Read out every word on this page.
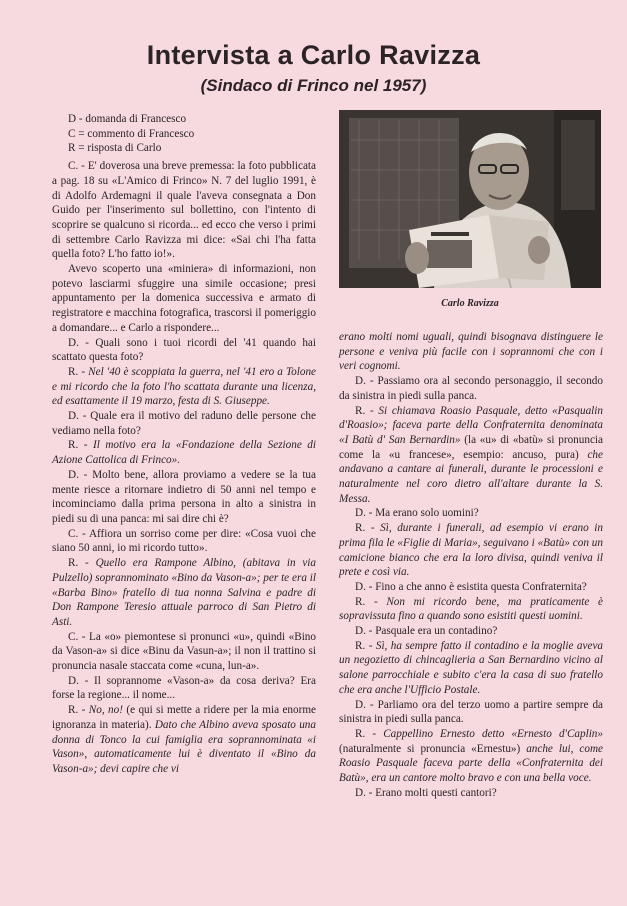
Intervista a Carlo Ravizza
(Sindaco di Frinco nel 1957)
D - domanda di Francesco
C = commento di Francesco
R = risposta di Carlo

C. - E' doverosa una breve premessa: la foto pubblicata a pag. 18 su «L'Amico di Frinco» N. 7 del luglio 1991, è di Adolfo Ardemagni il quale l'aveva consegnata a Don Guido per l'inserimento sul bollettino, con l'intento di scoprire se qualcuno si ricorda... ed ecco che verso i primi di settembre Carlo Ravizza mi dice: «Sai chi l'ha fatta quella foto? L'ho fatto io!».

Avevo scoperto una «miniera» di informazioni, non potevo lasciarmi sfuggire una simile occasione; presi appuntamento per la domenica successiva e armato di registratore e macchina fotografica, trascorsi il pomeriggio a domandare... e Carlo a rispondere...

D. - Quali sono i tuoi ricordi del '41 quando hai scattato questa foto?

R. - Nel '40 è scoppiata la guerra, nel '41 ero a Tolone e mi ricordo che la foto l'ho scattata durante una licenza, ed esattamente il 19 marzo, festa di S. Giuseppe.

D. - Quale era il motivo del raduno delle persone che vediamo nella foto?

R. - Il motivo era la «Fondazione della Sezione di Azione Cattolica di Frinco».

D. - Molto bene, allora proviamo a vedere se la tua mente riesce a ritornare indietro di 50 anni nel tempo e incominciamo dalla prima persona in alto a sinistra in piedi su di una panca: mi sai dire chi è?

C. - Affiora un sorriso come per dire: «Cosa vuoi che siano 50 anni, io mi ricordo tutto».

R. - Quello era Rampone Albino, (abitava in via Pulzello) soprannominato «Bino da Vason-a»; per te era il «Barba Bino» fratello di tua nonna Salvina e padre di Don Rampone Teresio attuale parroco di San Pietro di Asti.

C. - La «o» piemontese si pronunci «u», quindi «Bino da Vason-a» si dice «Binu da Vasun-a»; il non il trattino si pronuncia nasale staccata come «cuna, lun-a».

D. - Il soprannome «Vason-a» da cosa deriva? Era forse la regione... il nome...

R. - No, no! (e qui si mette a ridere per la mia enorme ignoranza in materia). Dato che Albino aveva sposato una donna di Tonco la cui famiglia era soprannominata «i Vason», automaticamente lui è diventato il «Bino da Vason-a»; devi capire che vi

Carlo Ravizza

erano molti nomi uguali, quindi bisognava distinguere le persone e veniva più facile con i soprannomi che con i veri cognomi.

D. - Passiamo ora al secondo personaggio, il secondo da sinistra in piedi sulla panca.

R. - Si chiamava Roasio Pasquale, detto «Pasqualin d'Roasio»; faceva parte della Confraternita denominata «I Batù d' San Bernardin» (la «u» di «batù» si pronuncia come la «u francese», esempio: ancuso, pura) che andavano a cantare ai funerali, durante le processioni e naturalmente nel coro dietro all'altare durante la S. Messa.

D. - Ma erano solo uomini?

R. - Sì, durante i funerali, ad esempio vi erano in prima fila le «Figlie di Maria», seguivano i «Batù» con un camicione bianco che era la loro divisa, quindi veniva il prete e così via.

D. - Fino a che anno è esistita questa Confraternita?

R. - Non mi ricordo bene, ma praticamente è sopravissuta fino a quando sono esistiti questi uomini.

D. - Pasquale era un contadino?

R. - Sì, ha sempre fatto il contadino e la moglie aveva un negozietto di chincaglieria a San Bernardino vicino al salone parrocchiale e subito c'era la casa di suo fratello che era anche l'Ufficio Postale.

D. - Parliamo ora del terzo uomo a partire sempre da sinistra in piedi sulla panca.

R. - Cappellino Ernesto detto «Ernesto d'Caplin» (naturalmente si pronuncia «Ernestu») anche lui, come Roasio Pasquale faceva parte della «Confraternita dei Batù», era un cantore molto bravo e con una bella voce.

D. - Erano molti questi cantori?
